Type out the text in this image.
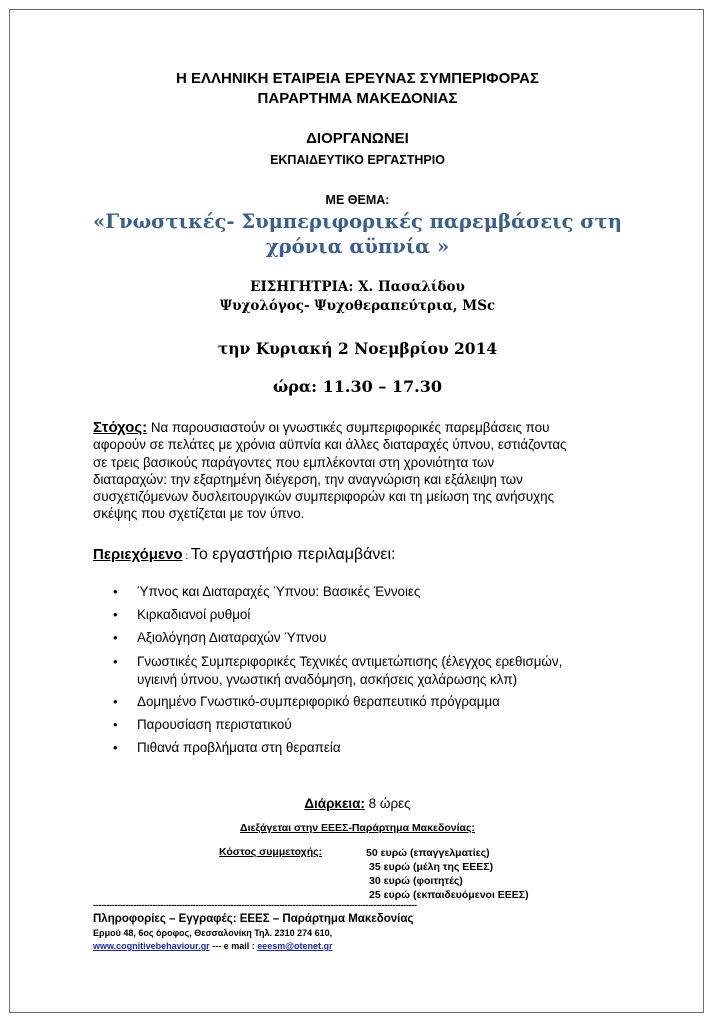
Η ΕΛΛΗΝΙΚΗ ΕΤΑΙΡΕΙΑ ΕΡΕΥΝΑΣ ΣΥΜΠΕΡΙΦΟΡΑΣ
ΠΑΡΑΡΤΗΜΑ ΜΑΚΕΔΟΝΙΑΣ
ΔΙΟΡΓΑΝΩΝΕΙ
ΕΚΠΑΙΔΕΥΤΙΚΟ ΕΡΓΑΣΤΗΡΙΟ
ΜΕ ΘΕΜΑ:
«Γνωστικές- Συμπεριφορικές παρεμβάσεις στη
χρόνια αϋπνία »
ΕΙΣΗΓΗΤΡΙΑ: Χ. Πασαλίδου
Ψυχολόγος- Ψυχοθεραπεύτρια, MSc
την Κυριακή 2 Νοεμβρίου 2014
ώρα: 11.30 – 17.30
Στόχος: Να παρουσιαστούν οι γνωστικές συμπεριφορικές παρεμβάσεις που
αφορούν σε πελάτες με χρόνια αϋπνία και άλλες διαταραχές ύπνου, εστιάζοντας
σε τρεις βασικούς παράγοντες που εμπλέκονται στη χρονιότητα των
διαταραχών: την εξαρτημένη διέγερση, την αναγνώριση και εξάλειψη των
συσχετιζόμενων δυσλειτουργικών συμπεριφορών και τη μείωση της ανήσυχης
σκέψης που σχετίζεται με τον ύπνο.
Περιεχόμενο : Το εργαστήριο περιλαμβάνει:
• Ύπνος και Διαταραχές Ύπνου: Βασικές Έννοιες
• Κιρκαδιανοί ρυθμοί
• Αξιολόγηση Διαταραχών Ύπνου
• Γνωστικές Συμπεριφορικές Τεχνικές αντιμετώπισης (έλεγχος ερεθισμών,
υγιεινή ύπνου, γνωστική αναδόμηση, ασκήσεις χαλάρωσης κλπ)
• Δομημένο Γνωστικό-συμπεριφορικό θεραπευτικό πρόγραμμα
• Παρουσίαση περιστατικού
• Πιθανά προβλήματα στη θεραπεία
Διάρκεια: 8 ώρες
Διεξάγεται στην ΕΕΕΣ-Παράρτημα Μακεδονίας:
Κόστος συμμετοχής:	50 ευρώ (επαγγελματίες)
35 ευρώ (μέλη της ΕΕΕΣ)
30 ευρώ (φοιτητές)
25 ευρώ (εκπαιδευόμενοι ΕΕΕΣ)
------------------------------------------------------------------------------------------------------------------------
Πληροφορίες – Εγγραφές: ΕΕΕΣ – Παράρτημα Μακεδονίας
Ερμού 48, 6ος όροφος, Θεσσαλονίκη Τηλ. 2310 274 610,
www.cognitivebehaviour.gr --- e mail : eeesm@otenet.gr
